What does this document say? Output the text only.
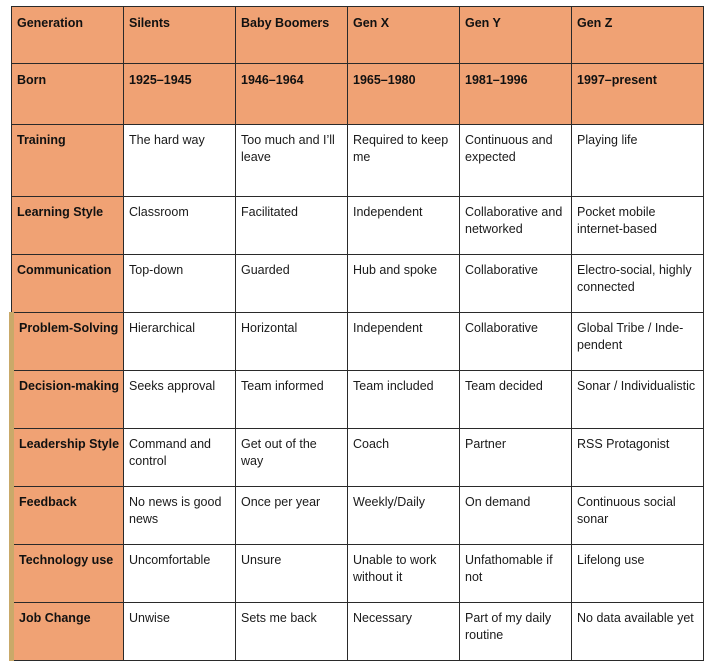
Generation	Silents	Baby Boomers	Gen X	Gen Y	Gen Z
Born	1925–1945	1946–1964	1965–1980	1981–1996	1997–present
Training	The hard way	Too much and I’ll leave	Required to keep me	Continuous and expected	Playing life
Learning Style	Classroom	Facilitated	Independent	Collaborative and networked	Pocket mobile internet-based
Communication	Top-down	Guarded	Hub and spoke	Collaborative	Electro-social, highly connected
Problem-Solving	Hierarchical	Horizontal	Independent	Collaborative	Global Tribe / Inde-pendent
Decision-making	Seeks approval	Team informed	Team included	Team decided	Sonar / Individualistic
Leadership Style	Command and control	Get out of the way	Coach	Partner	RSS Protagonist
Feedback	No news is good news	Once per year	Weekly/Daily	On demand	Continuous social sonar
Technology use	Uncomfortable	Unsure	Unable to work without it	Unfathomable if not	Lifelong use
Job Change	Unwise	Sets me back	Necessary	Part of my daily routine	No data available yet
